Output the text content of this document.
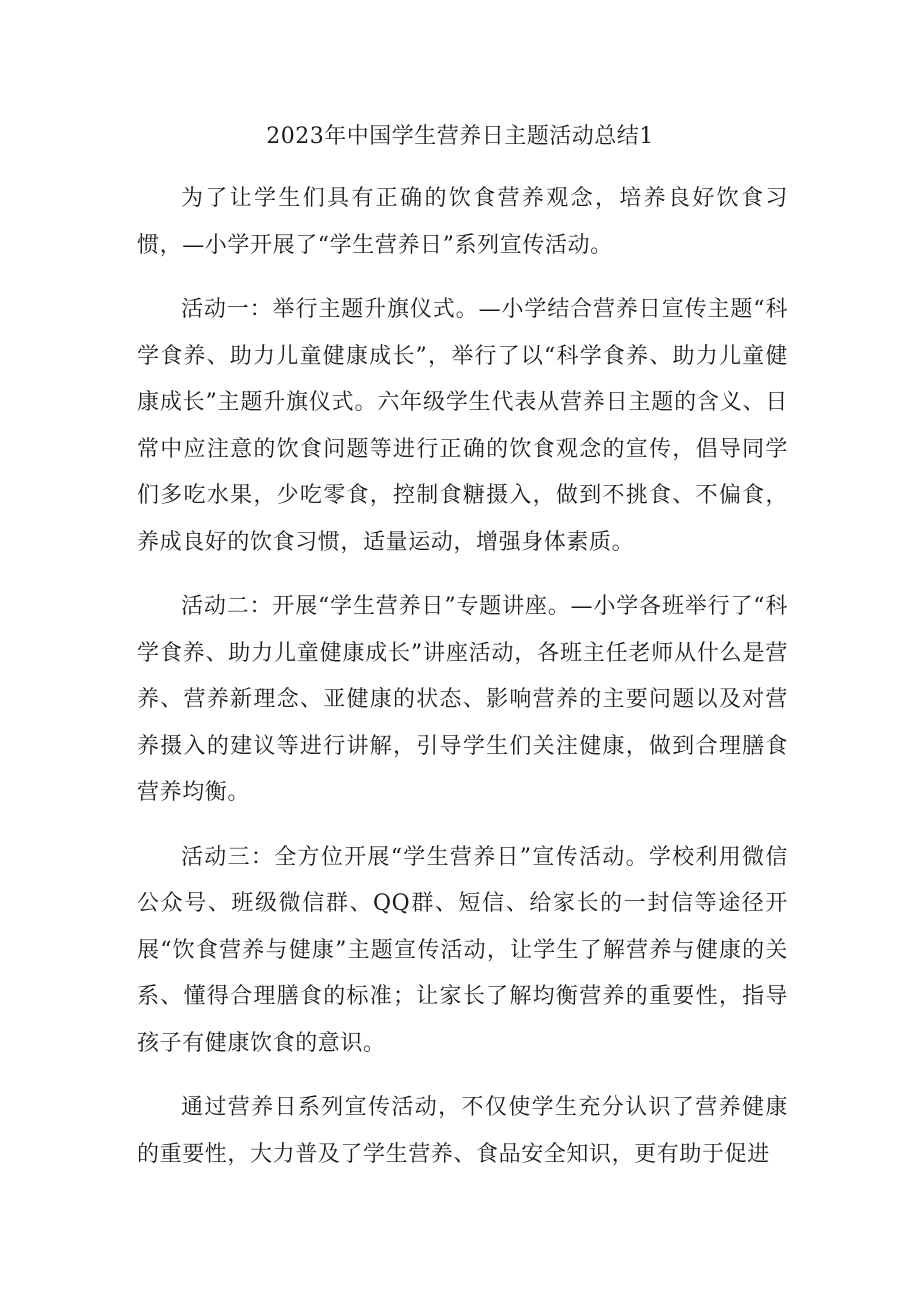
2023年中国学生营养日主题活动总结1

为了让学生们具有正确的饮食营养观念，培养良好饮食习惯，—小学开展了“学生营养日”系列宣传活动。

活动一：举行主题升旗仪式。—小学结合营养日宣传主题“科学食养、助力儿童健康成长”，举行了以“科学食养、助力儿童健康成长”主题升旗仪式。六年级学生代表从营养日主题的含义、日常中应注意的饮食问题等进行正确的饮食观念的宣传，倡导同学们多吃水果，少吃零食，控制食糖摄入，做到不挑食、不偏食，养成良好的饮食习惯，适量运动，增强身体素质。

活动二：开展“学生营养日”专题讲座。—小学各班举行了“科学食养、助力儿童健康成长”讲座活动，各班主任老师从什么是营养、营养新理念、亚健康的状态、影响营养的主要问题以及对营养摄入的建议等进行讲解，引导学生们关注健康，做到合理膳食营养均衡。

活动三：全方位开展“学生营养日”宣传活动。学校利用微信公众号、班级微信群、QQ群、短信、给家长的一封信等途径开展“饮食营养与健康”主题宣传活动，让学生了解营养与健康的关系、懂得合理膳食的标准；让家长了解均衡营养的重要性，指导孩子有健康饮食的意识。

通过营养日系列宣传活动，不仅使学生充分认识了营养健康的重要性，大力普及了学生营养、食品安全知识，更有助于促进
